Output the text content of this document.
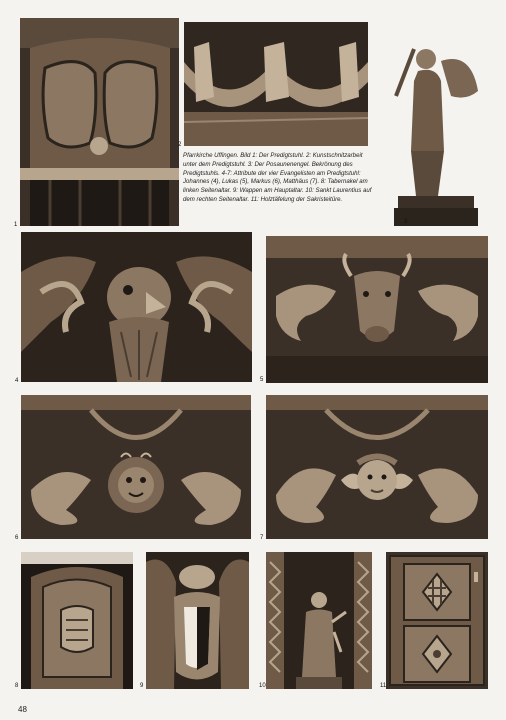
Pfarrkirche Uffingen. Bild 1: Der Predigtstuhl. 2: Kunstschnitzarbeit unter dem Predigtstuhl. 3: Der Posaunenengel. Bekrönung des Predigtstuhls. 4-7: Attribute der vier Evangelisten am Predigtstuhl: Johannes (4), Lukas (5), Markus (6), Matthäus (7). 8: Tabernakel am linken Seitenaltar. 9: Wappen am Hauptaltar. 10: Sankt Laurentius auf dem rechten Seitenaltar. 11: Holztäfelung der Sakristeitüre.

1
2
3
4	5
6	7
8	9	10	11
48
